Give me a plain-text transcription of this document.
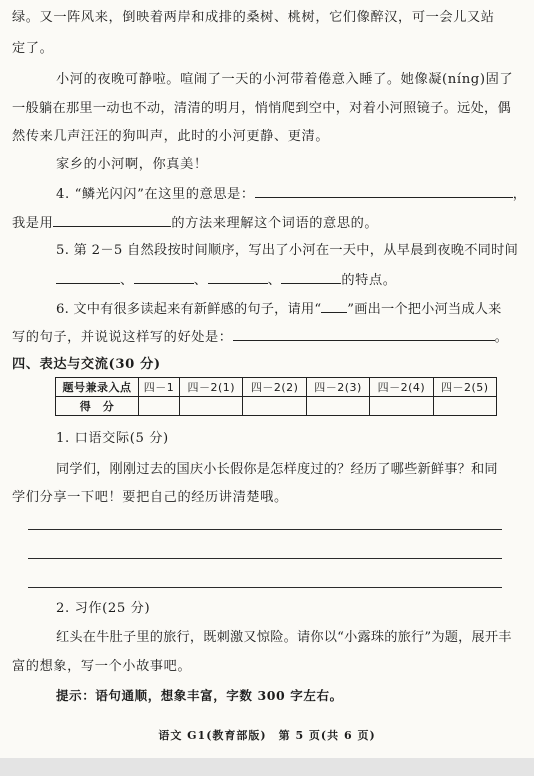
绿。又一阵风来，倒映着两岸和成排的桑树、桃树，它们像醉汉，可一会儿又站
定了。
小河的夜晚可静啦。喧闹了一天的小河带着倦意入睡了。她像凝(níng)固了
一般躺在那里一动也不动，清清的明月，悄悄爬到空中，对着小河照镜子。远处，偶
然传来几声汪汪的狗叫声，此时的小河更静、更清。
家乡的小河啊，你真美！
4. “鳞光闪闪”在这里的意思是：	，
我是用	的方法来理解这个词语的意思的。
5. 第 2－5 自然段按时间顺序，写出了小河在一天中，从早晨到夜晚不同时间
、	、	、	的特点。
6. 文中有很多读起来有新鲜感的句子，请用“ ”画出一个把小河当成人来
写的句子，并说说这样写的好处是：	。
四、表达与交流(30 分)
题号兼录入点	四－1	四－2(1)	四－2(2)	四－2(3)	四－2(4)	四－2(5)
得　分						
1. 口语交际(5 分)
同学们，刚刚过去的国庆小长假你是怎样度过的？经历了哪些新鲜事？和同
学们分享一下吧！要把自己的经历讲清楚哦。
2. 习作(25 分)
红头在牛肚子里的旅行，既刺激又惊险。请你以“小露珠的旅行”为题，展开丰
富的想象，写一个小故事吧。
提示：语句通顺，想象丰富，字数 300 字左右。
语文 G1(教育部版)　第 5 页(共 6 页)
